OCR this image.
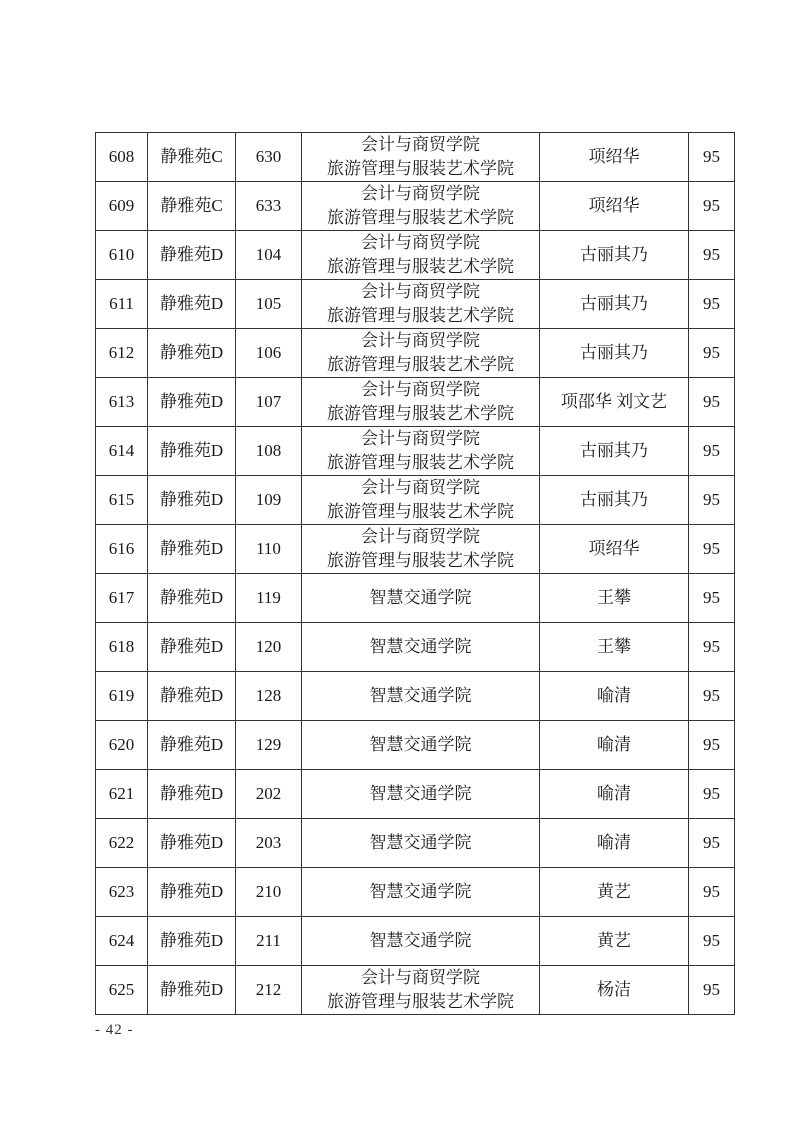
608	静雅苑C	630	会计与商贸学院
旅游管理与服装艺术学院	项绍华	95
609	静雅苑C	633	会计与商贸学院
旅游管理与服装艺术学院	项绍华	95
610	静雅苑D	104	会计与商贸学院
旅游管理与服装艺术学院	古丽其乃	95
611	静雅苑D	105	会计与商贸学院
旅游管理与服装艺术学院	古丽其乃	95
612	静雅苑D	106	会计与商贸学院
旅游管理与服装艺术学院	古丽其乃	95
613	静雅苑D	107	会计与商贸学院
旅游管理与服装艺术学院	项邵华 刘文艺	95
614	静雅苑D	108	会计与商贸学院
旅游管理与服装艺术学院	古丽其乃	95
615	静雅苑D	109	会计与商贸学院
旅游管理与服装艺术学院	古丽其乃	95
616	静雅苑D	110	会计与商贸学院
旅游管理与服装艺术学院	项绍华	95
617	静雅苑D	119	智慧交通学院	王攀	95
618	静雅苑D	120	智慧交通学院	王攀	95
619	静雅苑D	128	智慧交通学院	喻清	95
620	静雅苑D	129	智慧交通学院	喻清	95
621	静雅苑D	202	智慧交通学院	喻清	95
622	静雅苑D	203	智慧交通学院	喻清	95
623	静雅苑D	210	智慧交通学院	黄艺	95
624	静雅苑D	211	智慧交通学院	黄艺	95
625	静雅苑D	212	会计与商贸学院
旅游管理与服装艺术学院	杨洁	95
- 42 -
